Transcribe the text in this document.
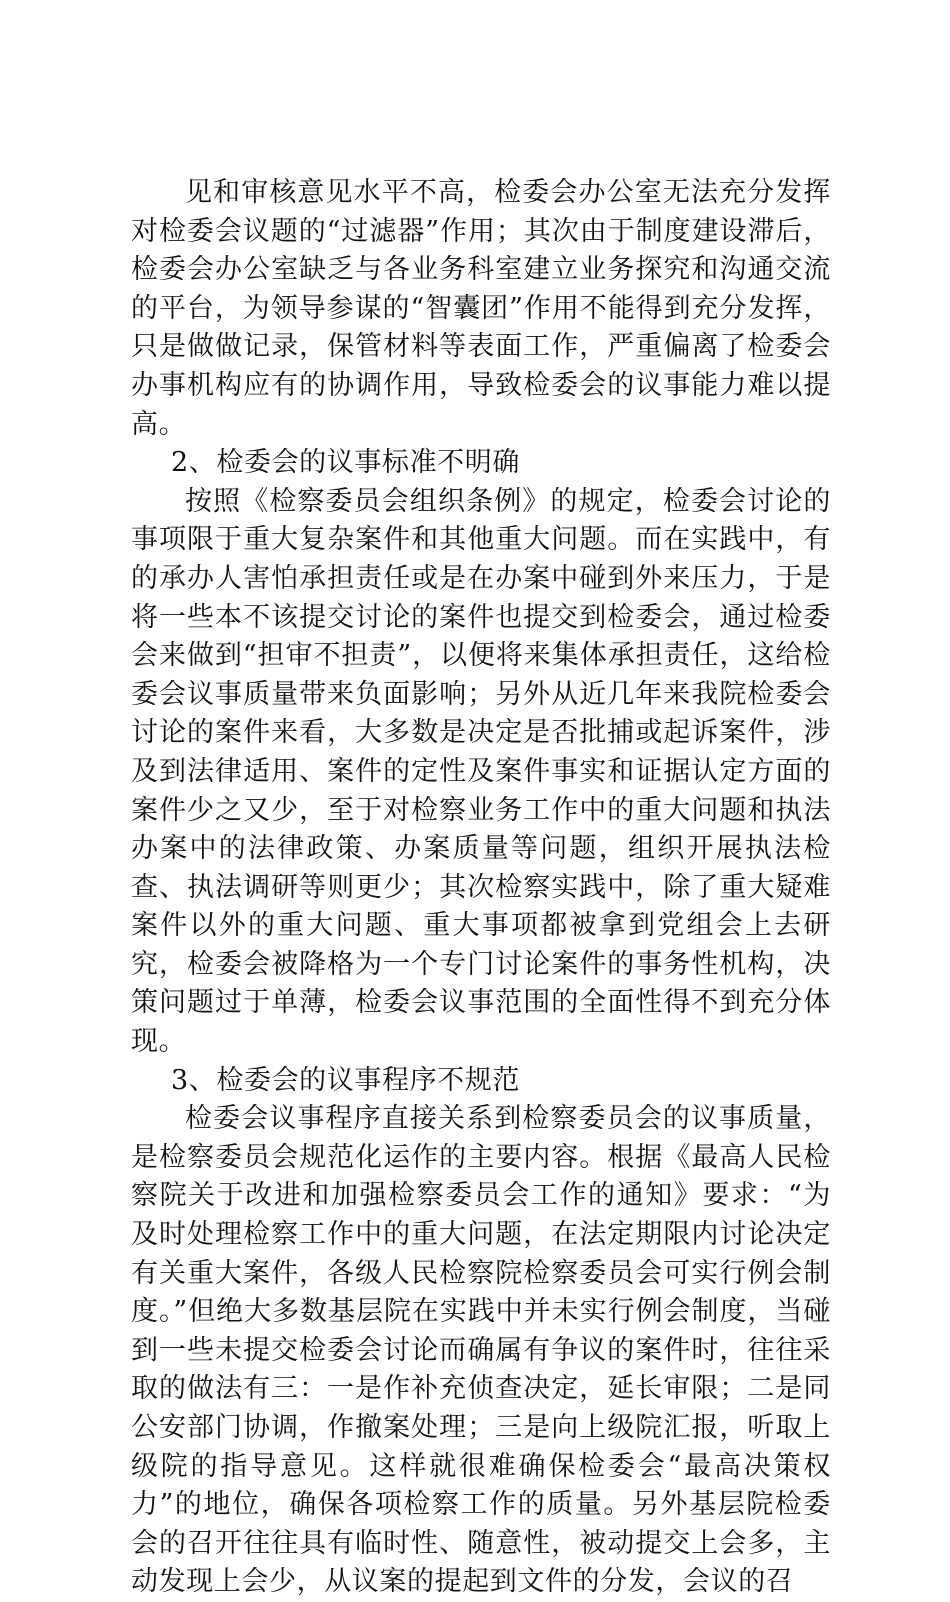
见和审核意见水平不高，检委会办公室无法充分发挥对检委会议题的“过滤器”作用；其次由于制度建设滞后，检委会办公室缺乏与各业务科室建立业务探究和沟通交流的平台，为领导参谋的“智囊团”作用不能得到充分发挥，只是做做记录，保管材料等表面工作，严重偏离了检委会办事机构应有的协调作用，导致检委会的议事能力难以提高。

2、检委会的议事标准不明确

按照《检察委员会组织条例》的规定，检委会讨论的事项限于重大复杂案件和其他重大问题。而在实践中，有的承办人害怕承担责任或是在办案中碰到外来压力，于是将一些本不该提交讨论的案件也提交到检委会，通过检委会来做到“担审不担责”，以便将来集体承担责任，这给检委会议事质量带来负面影响；另外从近几年来我院检委会讨论的案件来看，大多数是决定是否批捕或起诉案件，涉及到法律适用、案件的定性及案件事实和证据认定方面的案件少之又少，至于对检察业务工作中的重大问题和执法办案中的法律政策、办案质量等问题，组织开展执法检查、执法调研等则更少；其次检察实践中，除了重大疑难案件以外的重大问题、重大事项都被拿到党组会上去研究，检委会被降格为一个专门讨论案件的事务性机构，决策问题过于单薄，检委会议事范围的全面性得不到充分体现。

3、检委会的议事程序不规范

检委会议事程序直接关系到检察委员会的议事质量，是检察委员会规范化运作的主要内容。根据《最高人民检察院关于改进和加强检察委员会工作的通知》要求：“为及时处理检察工作中的重大问题，在法定期限内讨论决定有关重大案件，各级人民检察院检察委员会可实行例会制度。”但绝大多数基层院在实践中并未实行例会制度，当碰到一些未提交检委会讨论而确属有争议的案件时，往往采取的做法有三：一是作补充侦查决定，延长审限；二是同公安部门协调，作撤案处理；三是向上级院汇报，听取上级院的指导意见。这样就很难确保检委会“最高决策权力”的地位，确保各项检察工作的质量。另外基层院检委会的召开往往具有临时性、随意性，被动提交上会多，主动发现上会少，从议案的提起到文件的分发，会议的召
